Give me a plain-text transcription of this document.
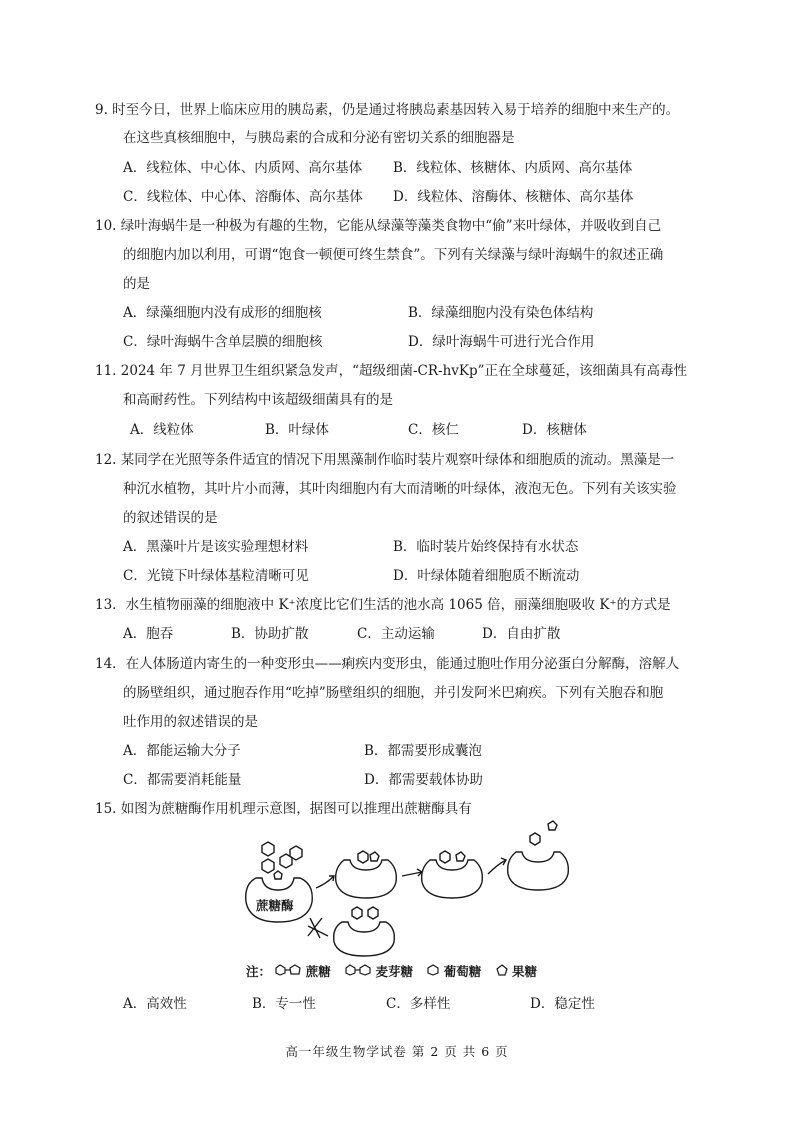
9. 时至今日，世界上临床应用的胰岛素，仍是通过将胰岛素基因转入易于培养的细胞中来生产的。
在这些真核细胞中，与胰岛素的合成和分泌有密切关系的细胞器是
A．线粒体、中心体、内质网、高尔基体 B．线粒体、核糖体、内质网、高尔基体
C．线粒体、中心体、溶酶体、高尔基体 D．线粒体、溶酶体、核糖体、高尔基体
10. 绿叶海蜗牛是一种极为有趣的生物，它能从绿藻等藻类食物中“偷”来叶绿体，并吸收到自己
的细胞内加以利用，可谓“饱食一顿便可终生禁食”。下列有关绿藻与绿叶海蜗牛的叙述正确
的是
A．绿藻细胞内没有成形的细胞核	B．绿藻细胞内没有染色体结构
C．绿叶海蜗牛含单层膜的细胞核	D．绿叶海蜗牛可进行光合作用
11. 2024 年 7 月世界卫生组织紧急发声，“超级细菌-CR-hvKp”正在全球蔓延，该细菌具有高毒性
和高耐药性。下列结构中该超级细菌具有的是
A．线粒体	B．叶绿体	C．核仁	D．核糖体
12. 某同学在光照等条件适宜的情况下用黑藻制作临时装片观察叶绿体和细胞质的流动。黑藻是一
种沉水植物，其叶片小而薄，其叶肉细胞内有大而清晰的叶绿体，液泡无色。下列有关该实验
的叙述错误的是
A．黑藻叶片是该实验理想材料	B．临时装片始终保持有水状态
C．光镜下叶绿体基粒清晰可见	D．叶绿体随着细胞质不断流动
13．水生植物丽藻的细胞液中 K⁺浓度比它们生活的池水高 1065 倍，丽藻细胞吸收 K⁺的方式是
A．胞吞	B．协助扩散	C．主动运输	D．自由扩散
14．在人体肠道内寄生的一种变形虫——痢疾内变形虫，能通过胞吐作用分泌蛋白分解酶，溶解人
的肠壁组织，通过胞吞作用“吃掉”肠壁组织的细胞，并引发阿米巴痢疾。下列有关胞吞和胞
吐作用的叙述错误的是
A．都能运输大分子	B．都需要形成囊泡
C．都需要消耗能量	D．都需要载体协助
15. 如图为蔗糖酶作用机理示意图，据图可以推理出蔗糖酶具有
蔗糖酶
注：	蔗糖	麦芽糖 葡萄糖 果糖
A．高效性	B．专一性	C．多样性	D．稳定性
高一年级生物学试卷 第 2 页 共 6 页
